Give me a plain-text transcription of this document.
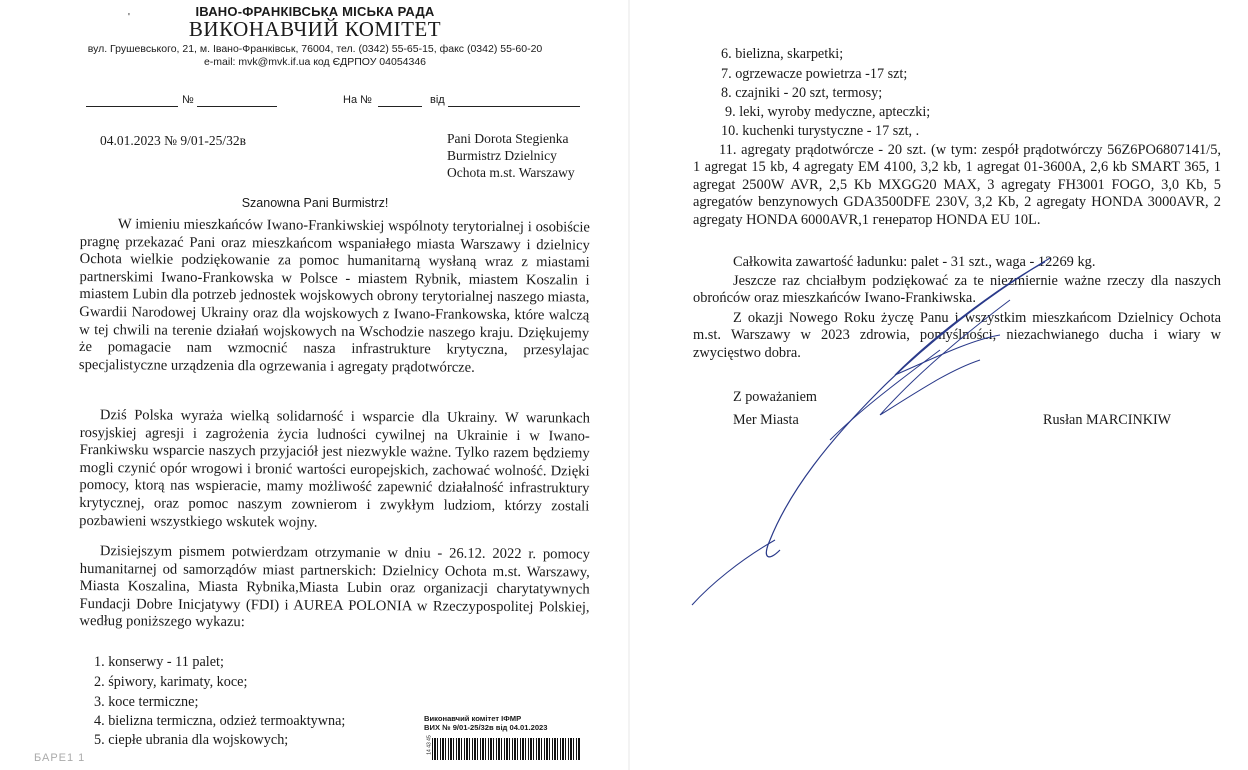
'	ІВАНО-ФРАНКІВСЬКА МІСЬКА РАДА
ВИКОНАВЧИЙ КОМІТЕТ
вул. Грушевського, 21, м. Івано-Франківськ, 76004, тел. (0342) 55-65-15, факс (0342) 55-60-20
e-mail: mvk@mvk.if.ua код ЄДРПОУ 04054346
№	На №	від
04.01.2023 № 9/01-25/32в	Pani Dorota Stegienka
Burmistrz Dzielnicy
Ochota m.st. Warszawy
Szanowna Pani Burmistrz!
W imieniu mieszkańców Iwano-Frankiwskiej wspólnoty terytorialnej i osobiście pragnę przekazać Pani oraz mieszkańcom wspaniałego miasta Warszawy i dzielnicy Ochota wielkie podziękowanie za pomoc humanitarną wysłaną wraz z miastami partnerskimi Iwano-Frankowska w Polsce - miastem Rybnik, miastem Koszalin i miastem Lubin dla potrzeb jednostek wojskowych obrony terytorialnej naszego miasta, Gwardii Narodowej Ukrainy oraz dla wojskowych z Iwano-Frankowska, które walczą w tej chwili na terenie działań wojskowych na Wschodzie naszego kraju. Dziękujemy że pomagacie nam wzmocnić nasza infrastrukture krytyczna, przesylajac specjalistyczne urządzenia dla ogrzewania i agregaty prądotwórcze.
Dziś Polska wyraża wielką solidarność i wsparcie dla Ukrainy. W warunkach rosyjskiej agresji i zagrożenia życia ludności cywilnej na Ukrainie i w Iwano-Frankiwsku wsparcie naszych przyjaciół jest niezwykle ważne. Tylko razem będziemy mogli czynić opór wrogowi i bronić wartości europejskich, zachować wolność. Dzięki pomocy, ktorą nas wspieracie, mamy możliwość zapewnić działalność infrastruktury krytycznej, oraz pomoc naszym zownierom i zwykłym ludziom, którzy zostali pozbawieni wszystkiego wskutek wojny.
Dzisiejszym pismem potwierdzam otrzymanie w dniu - 26.12. 2022 r. pomocy humanitarnej od samorządów miast partnerskich: Dzielnicy Ochota m.st. Warszawy, Miasta Koszalina, Miasta Rybnika,Miasta Lubin oraz organizacji charytatywnych Fundacji Dobre Inicjatywy (FDI) i AUREA POLONIA w Rzeczypospolitej Polskiej, według poniższego wykazu:
1. konserwy - 11 palet;
2. śpiwory, karimaty, koce;
3. koce termiczne;
4. bielizna termiczna, odzież termoaktywna;
5. ciepłe ubrania dla wojskowych;
Виконавчий комітет ІФМР
ВИХ № 9/01-25/32в від 04.01.2023
14 43 45
БАРЕ1 1
6. bielizna, skarpetki;
7. ogrzewacze powietrza -17 szt;
8. czajniki - 20 szt, termosy;
9. leki, wyroby medyczne, apteczki;
10. kuchenki turystyczne - 17 szt, .
11. agregaty prądotwórcze - 20 szt. (w tym: zespół prądotwórczy 56Z6PO6807141/5, 1 agregat 15 kb, 4 agregaty EM 4100, 3,2 kb, 1 agregat 01-3600A, 2,6 kb SMART 365, 1 agregat 2500W AVR, 2,5 Kb MXGG20 MAX, 3 agregaty FH3001 FOGO, 3,0 Kb, 5 agregatów benzynowych GDA3500DFE 230V, 3,2 Kb, 2 agregaty HONDA 3000AVR, 2 agregaty HONDA 6000AVR,1 генератор HONDA EU 10L.
Całkowita zawartość ładunku: palet - 31 szt., waga - 12269 kg.
Jeszcze raz chciałbym podziękować za te niezmiernie ważne rzeczy dla naszych obrońców oraz mieszkańców Iwano-Frankiwska.
Z okazji Nowego Roku życzę Panu i wszystkim mieszkańcom Dzielnicy Ochota m.st. Warszawy w 2023 zdrowia, pomyślności, niezachwianego ducha i wiary w zwycięstwo dobra.
Z poważaniem
Mer Miasta	Rusłan MARCINKIW
